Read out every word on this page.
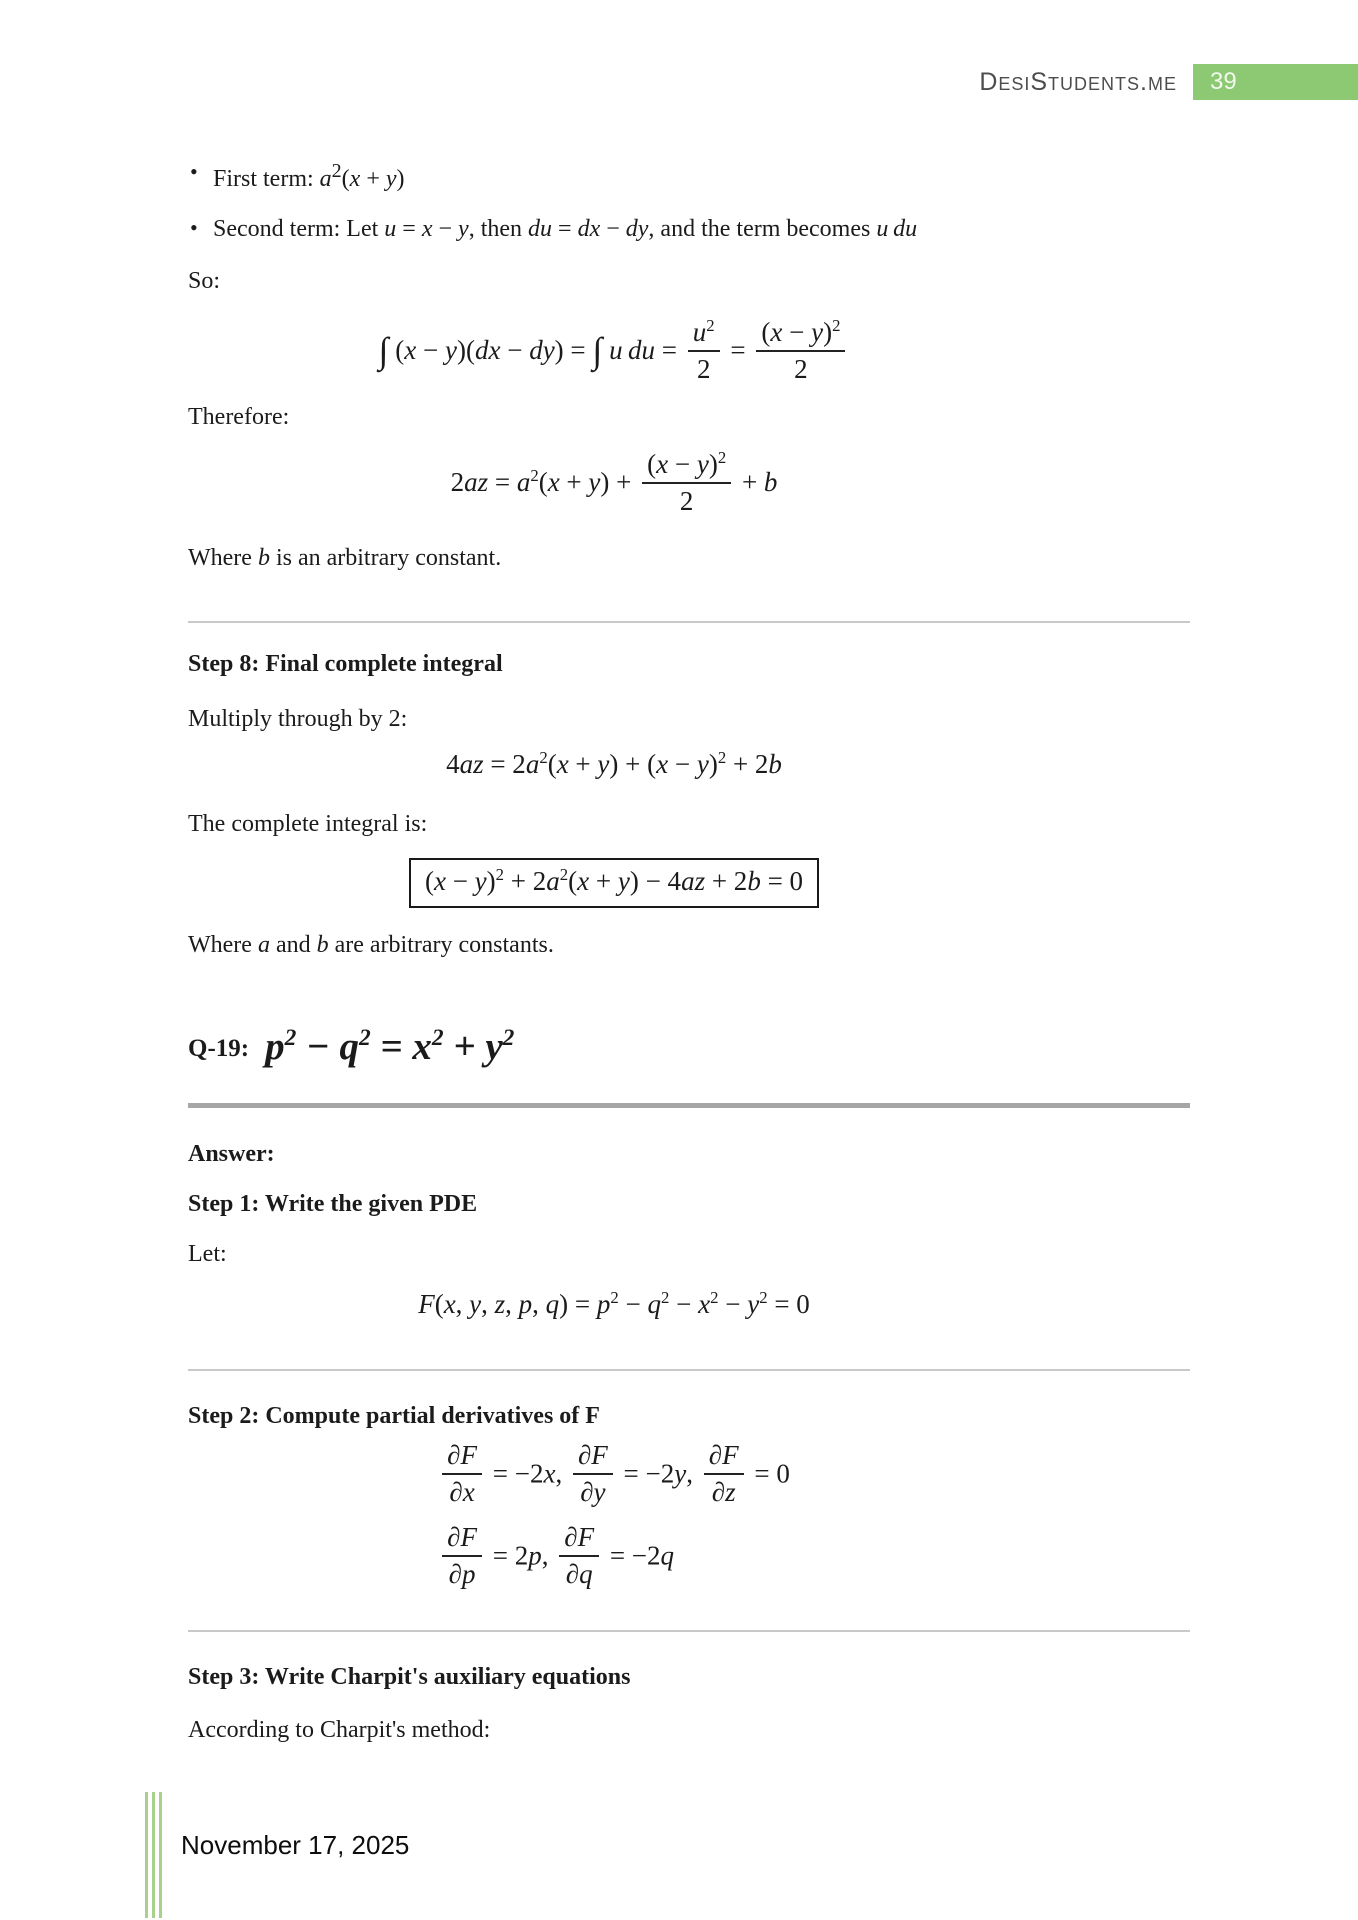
DesiStudents.me 39
• First term: $a^2(x + y)$
• Second term: Let u = x − y, then du = dx − dy, and the term becomes u  du
So:
∫ (x − y)(dx − dy) = ∫ u  du = $\frac{u^2}{2} = \frac{(x - y)^2}{2}$
Therefore:
$2az = a^2(x + y) + \frac{(x - y)^2}{2} + b$
Where b is an arbitrary constant.
Step 8: Final complete integral
Multiply through by 2:
$4az = 2a^2(x + y) + (x - y)^2 + 2b$
The complete integral is:
$(x - y)^2 + 2a^2(x + y) - 4az + 2b = 0$
Where a and b are arbitrary constants.
Q-19: $p^2 - q^2 = x^2 + y^2$
Answer:
Step 1: Write the given PDE
Let:
F(x, y, z, p, $q) = p^2 - q^2 - x^2 - y^2 = 0$
Step 2: Compute partial derivatives of F
$\frac{\partial F}{\partial x} = -2x$, $\frac{\partial F}{\partial y} = -2y$, $\frac{\partial F}{\partial z} = 0$
$\frac{\partial F}{\partial p} = 2p$, $\frac{\partial F}{\partial q} = -2q$
Step 3: Write Charpit's auxiliary equations
According to Charpit's method:
November 17, 2025
